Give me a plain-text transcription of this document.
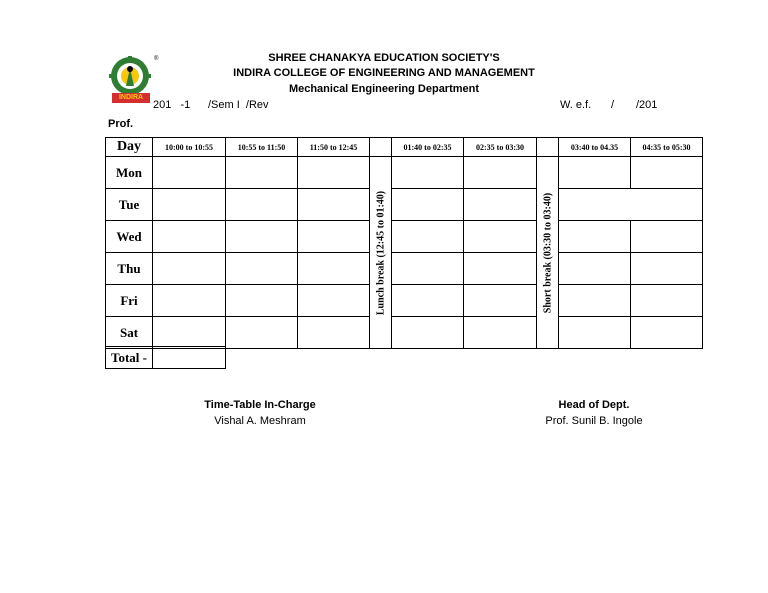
SHREE CHANAKYA EDUCATION SOCIETY'S
INDIRA COLLEGE OF ENGINEERING AND MANAGEMENT
Mechanical Engineering Department
INDIRA
®
201   -1 /Sem I  /Rev	W. e.f. / /201
Prof.
Day	10:00 to 10:55	10:55 to 11:50	11:50 to 12:45		01:40 to 02:35	02:35 to 03:30		03:40 to 04.35	04:35 to 05:30
Mon				Lunch break (12:45 to 01:40)			Short break (03:30 to 03:40)		

Tue									
Wed									
Thu									
Fri									
Sat									
Total -	
Time-Table In-Charge
Vishal A. Meshram
Head of Dept.
Prof. Sunil B. Ingole
